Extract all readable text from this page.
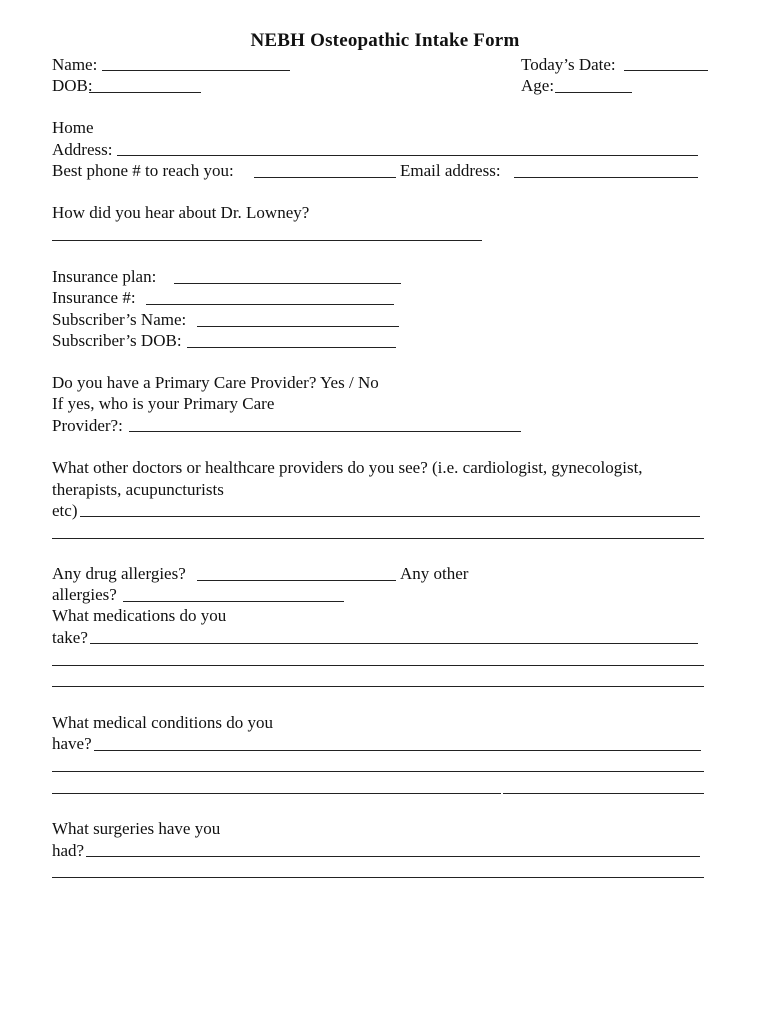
NEBH Osteopathic Intake Form
Name:	Today’s Date:
DOB:	Age:
Home
Address:
Best phone # to reach you:	Email address:
How did you hear about Dr. Lowney?
Insurance plan:
Insurance #:
Subscriber’s Name:
Subscriber’s DOB:
Do you have a Primary Care Provider? Yes / No
If yes, who is your Primary Care
Provider?:
What other doctors or healthcare providers do you see? (i.e. cardiologist, gynecologist,
therapists, acupuncturists
etc)
Any drug allergies?	Any other
allergies?
What medications do you
take?
What medical conditions do you
have?
What surgeries have you
had?
